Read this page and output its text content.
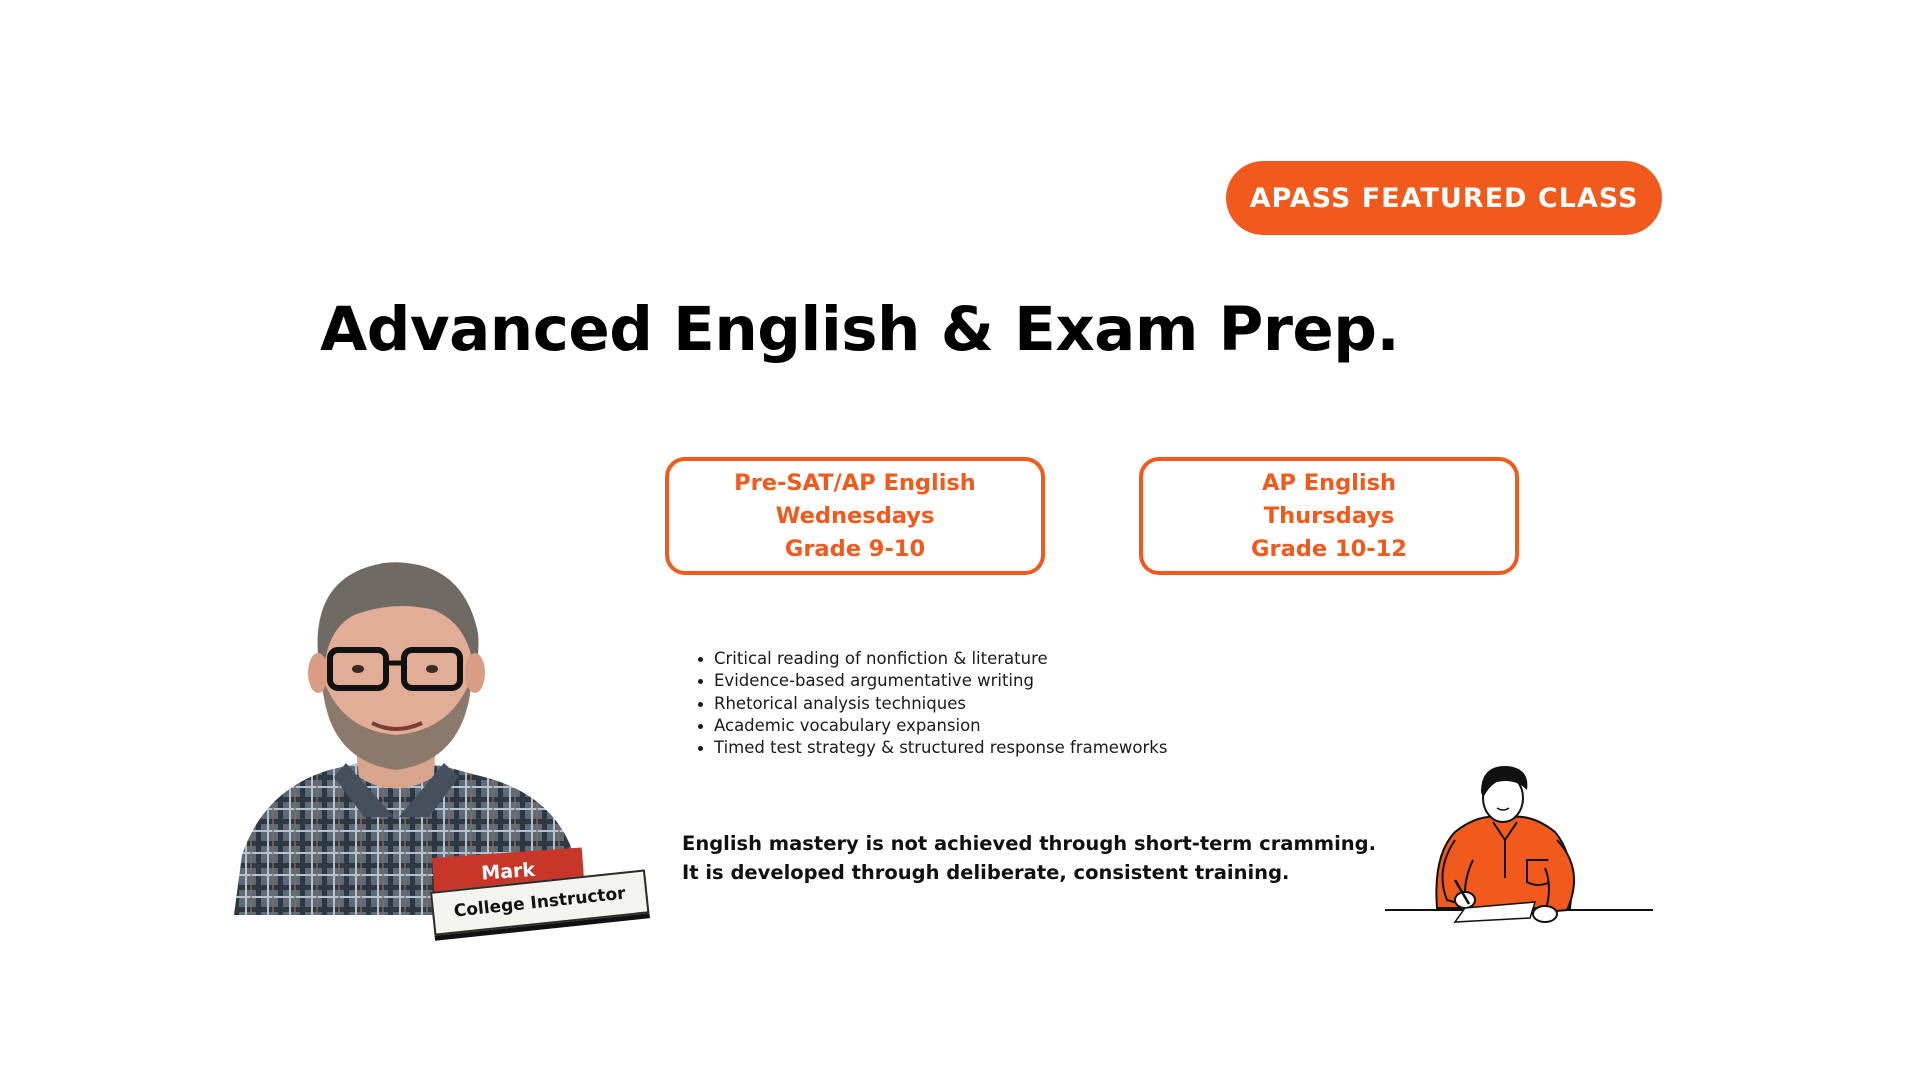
APASS FEATURED CLASS
Advanced English & Exam Prep.
Pre-SAT/AP English
Wednesdays
Grade 9-10
AP English
Thursdays
Grade 10-12
Critical reading of nonfiction & literature
Evidence-based argumentative writing
Rhetorical analysis techniques
Academic vocabulary expansion
Timed test strategy & structured response frameworks
English mastery is not achieved through short-term cramming.
It is developed through deliberate, consistent training.
Mark
College Instructor
